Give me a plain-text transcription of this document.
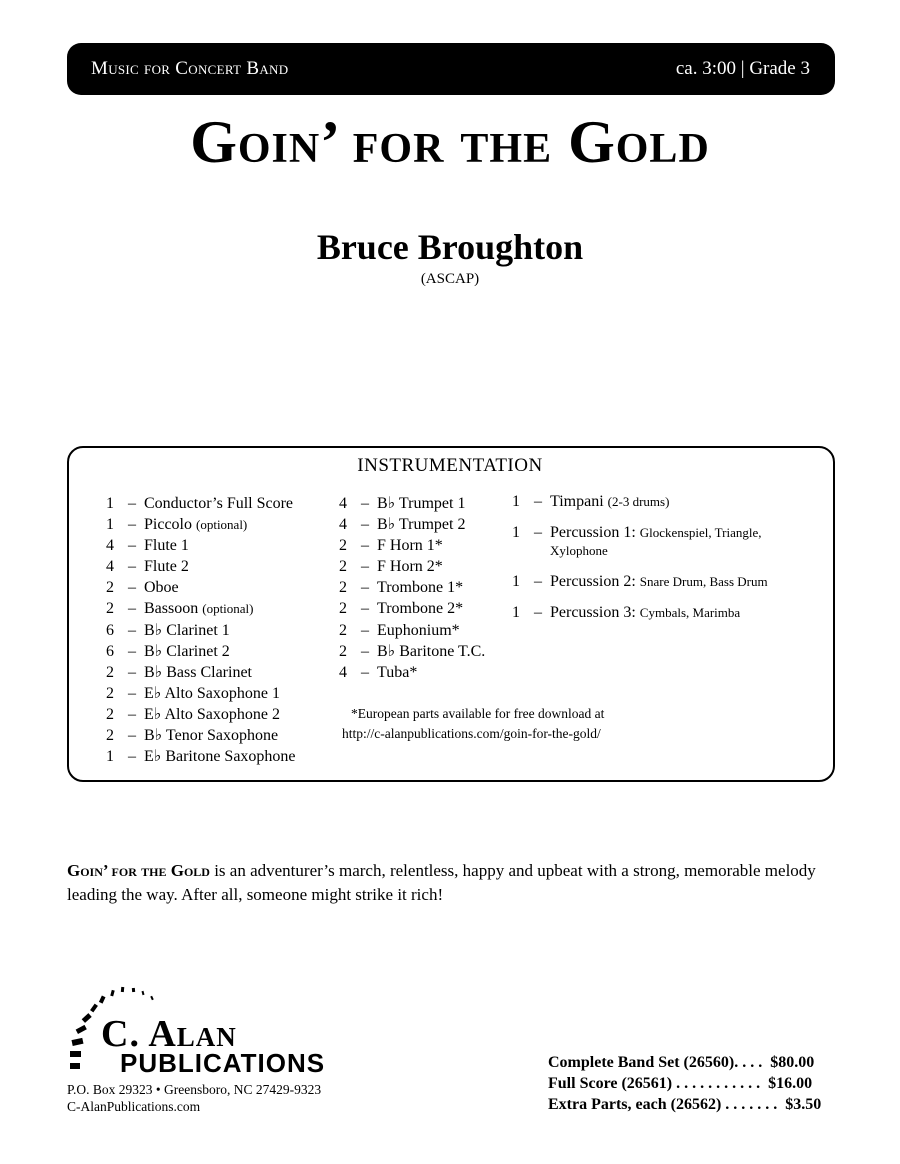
Music for Concert Band	ca. 3:00 | Grade 3
Goin’ for the Gold
Bruce Broughton
(ASCAP)
INSTRUMENTATION
1 – Conductor’s Full Score
1 – Piccolo (optional)
4 – Flute 1
4 – Flute 2
2 – Oboe
2 – Bassoon (optional)
6 – B♭ Clarinet 1
6 – B♭ Clarinet 2
2 – B♭ Bass Clarinet
2 – E♭ Alto Saxophone 1
2 – E♭ Alto Saxophone 2
2 – B♭ Tenor Saxophone
1 – E♭ Baritone Saxophone
4 – B♭ Trumpet 1
4 – B♭ Trumpet 2
2 – F Horn 1*
2 – F Horn 2*
2 – Trombone 1*
2 – Trombone 2*
2 – Euphonium*
2 – B♭ Baritone T.C.
4 – Tuba*
1 – Timpani (2-3 drums)
1 – Percussion 1: Glockenspiel, Triangle, Xylophone
1 – Percussion 2: Snare Drum, Bass Drum
1 – Percussion 3: Cymbals, Marimba
*European parts available for free download at
http://c-alanpublications.com/goin-for-the-gold/
Goin’ for the Gold is an adventurer’s march, relentless, happy and upbeat with a strong, memorable melody leading the way. After all, someone might strike it rich!
C. Alan
PUBLICATIONS
P.O. Box 29323 • Greensboro, NC 27429-9323
C-AlanPublications.com
Complete Band Set (26560). . . .  $80.00
Full Score (26561) . . . . . . . . . . .  $16.00
Extra Parts, each (26562) . . . . . . .  $3.50
